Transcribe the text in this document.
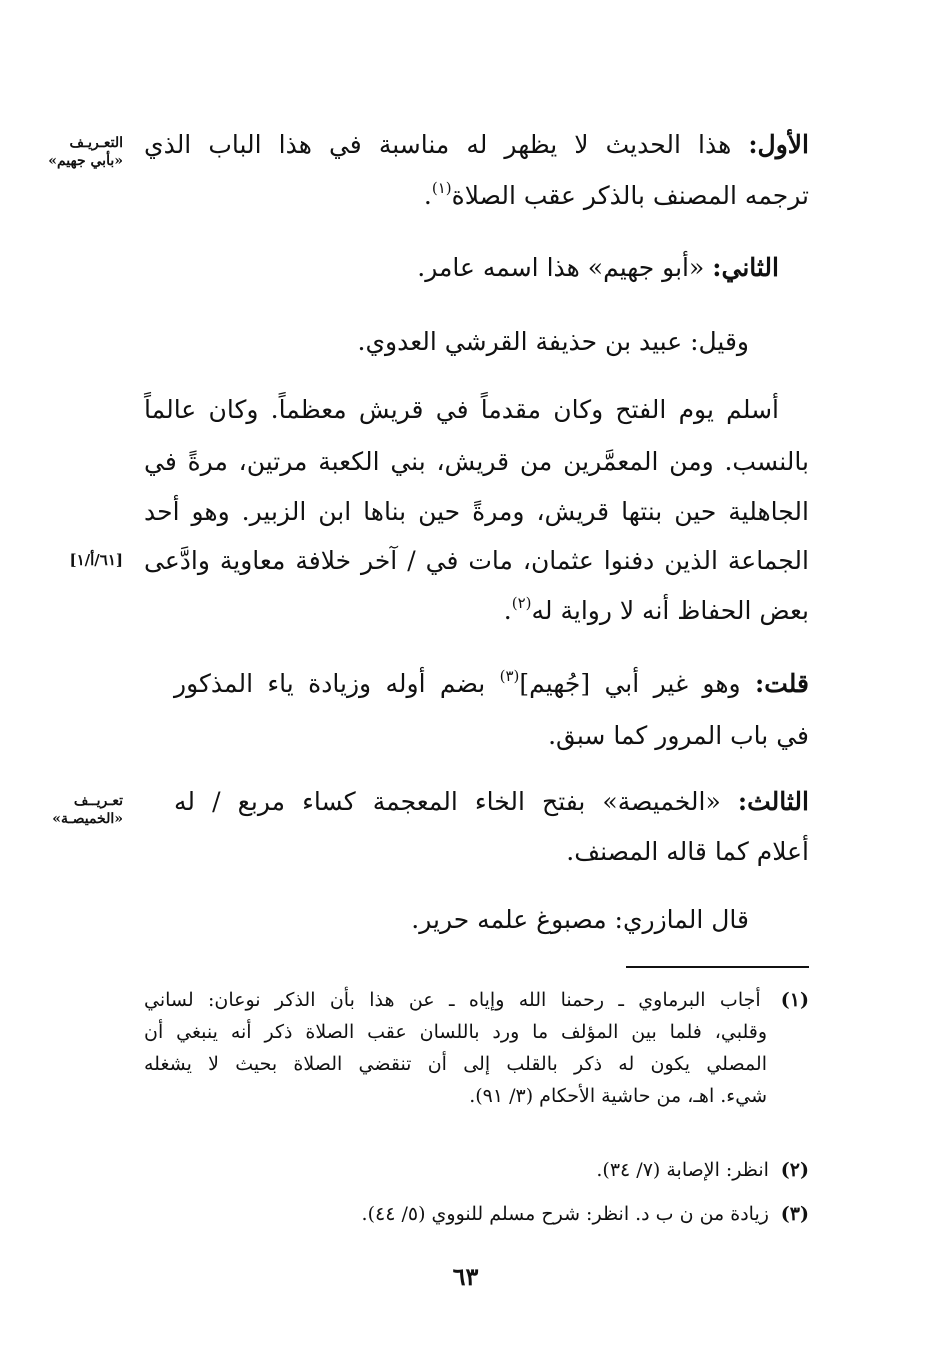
التعـريـف
«بأبي جهيم»
[٦١/أ/١]
تعـريــف
«الخميصـة»
الأول: هذا الحديث لا يظهر له مناسبة في هذا الباب الذي
ترجمه المصنف بالذكر عقب الصلاة$^{(١)}$.
الثاني: «أبو جهيم» هذا اسمه عامر.
وقيل: عبيد بن حذيفة القرشي العدوي.
أسلم يوم الفتح وكان مقدماً في قريش معظماً. وكان عالماً
بالنسب. ومن المعمَّرين من قريش، بني الكعبة مرتين، مرةً في
الجاهلية حين بنتها قريش، ومرةً حين بناها ابن الزبير. وهو أحد
الجماعة الذين دفنوا عثمان، مات في / آخر خلافة معاوية وادَّعى
بعض الحفاظ أنه لا رواية له$^{(٢)}$.
قلت: وهو غير أبي [جُهيم]$^{(٣)}$ بضم أوله وزيادة ياء المذكور
في باب المرور كما سبق.
الثالث: «الخميصة» بفتح الخاء المعجمة كساء مربع / له
أعلام كما قاله المصنف.
قال المازري: مصبوغ علمه حرير.
(١) أجاب البرماوي ـ رحمنا الله وإياه ـ عن هذا بأن الذكر نوعان: لساني
وقلبي، فلما بين المؤلف ما ورد باللسان عقب الصلاة ذكر أنه ينبغي أن
المصلي يكون له ذكر بالقلب إلى أن تنقضي الصلاة بحيث لا يشغله
شيء. اهـ، من حاشية الأحكام (٣/ ٩١).
(٢) انظر: الإصابة (٧/ ٣٤).
(٣) زيادة من ن ب د. انظر: شرح مسلم للنووي (٥/ ٤٤).
٦٣
